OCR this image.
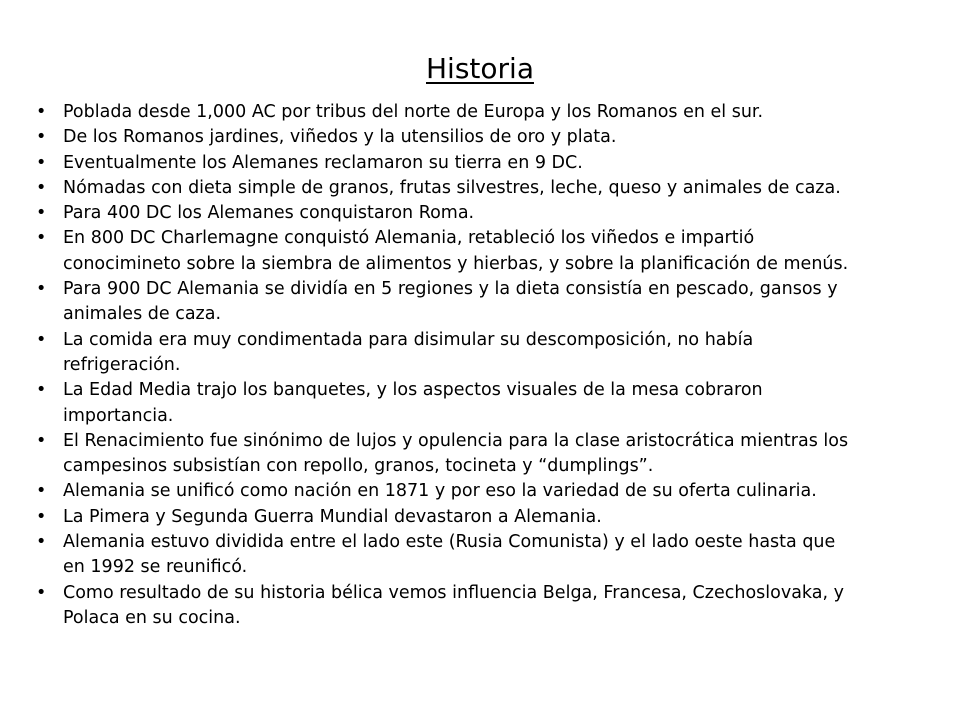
Historia
• Poblada desde 1,000 AC por tribus del norte de Europa y los Romanos en el sur.
• De los Romanos jardines, viñedos y la utensilios de oro y plata.
• Eventualmente los Alemanes reclamaron su tierra en 9 DC.
• Nómadas con dieta simple de granos, frutas silvestres, leche, queso y animales de caza.
• Para 400 DC los Alemanes conquistaron Roma.
• En 800 DC Charlemagne conquistó Alemania, retableció los viñedos e impartió
conocimineto sobre la siembra de alimentos y hierbas, y sobre la planificación de menús.
• Para 900 DC Alemania se dividía en 5 regiones y la dieta consistía en pescado, gansos y
animales de caza.
• La comida era muy condimentada para disimular su descomposición, no había
refrigeración.
• La Edad Media trajo los banquetes, y los aspectos visuales de la mesa cobraron
importancia.
• El Renacimiento fue sinónimo de lujos y opulencia para la clase aristocrática mientras los
campesinos subsistían con repollo, granos, tocineta y “dumplings”.
• Alemania se unificó como nación en 1871 y por eso la variedad de su oferta culinaria.
• La Pimera y Segunda Guerra Mundial devastaron a Alemania.
• Alemania estuvo dividida entre el lado este (Rusia Comunista) y el lado oeste hasta que
en 1992 se reunificó.
• Como resultado de su historia bélica vemos influencia Belga, Francesa, Czechoslovaka, y
Polaca en su cocina.
